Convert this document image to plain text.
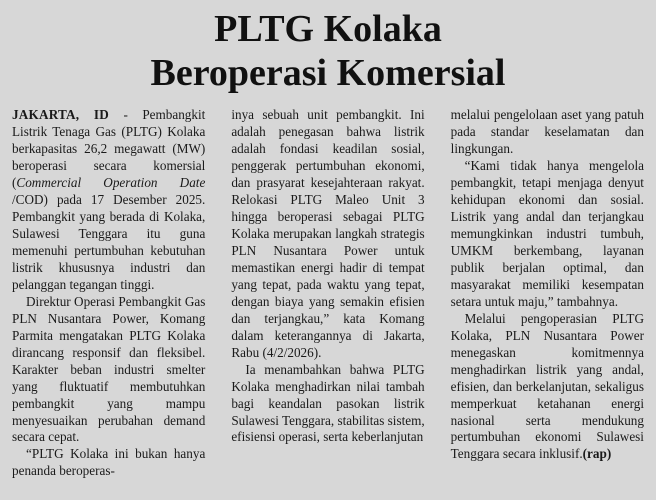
PLTG Kolaka
Beroperasi Komersial

JAKARTA, ID - Pembangkit Listrik Tenaga Gas (PLTG) Kolaka berkapasitas 26,2 megawatt (MW) beroperasi secara komersial (Commercial Operation Date /COD) pada 17 Desember 2025. Pembangkit yang berada di Kolaka, Sulawesi Tenggara itu guna memenuhi pertumbuhan kebutuhan listrik khususnya industri dan pelanggan tegangan tinggi.

Direktur Operasi Pembangkit Gas PLN Nusantara Power, Komang Parmita mengatakan PLTG Kolaka dirancang responsif dan fleksibel. Karakter beban industri smelter yang fluktuatif membutuhkan pembangkit yang mampu menyesuaikan perubahan demand secara cepat.

“PLTG Kolaka ini bukan hanya penanda beroperas-

inya sebuah unit pembangkit. Ini adalah penegasan bahwa listrik adalah fondasi keadilan sosial, penggerak pertumbuhan ekonomi, dan prasyarat kesejahteraan rakyat. Relokasi PLTG Maleo Unit 3 hingga beroperasi sebagai PLTG Kolaka merupakan langkah strategis PLN Nusantara Power untuk memastikan energi hadir di tempat yang tepat, pada waktu yang tepat, dengan biaya yang semakin efisien dan terjangkau,” kata Komang dalam keterangannya di Jakarta, Rabu (4/2/2026).

Ia menambahkan bahwa PLTG Kolaka menghadirkan nilai tambah bagi keandalan pasokan listrik Sulawesi Tenggara, stabilitas sistem, efisiensi operasi, serta keberlanjutan

melalui pengelolaan aset yang patuh pada standar keselamatan dan lingkungan.

“Kami tidak hanya mengelola pembangkit, tetapi menjaga denyut kehidupan ekonomi dan sosial. Listrik yang andal dan terjangkau memungkinkan industri tumbuh, UMKM berkembang, layanan publik berjalan optimal, dan masyarakat memiliki kesempatan setara untuk maju,” tambahnya.

Melalui pengoperasian PLTG Kolaka, PLN Nusantara Power menegaskan komitmennya menghadirkan listrik yang andal, efisien, dan berkelanjutan, sekaligus memperkuat ketahanan energi nasional serta mendukung pertumbuhan ekonomi Sulawesi Tenggara secara inklusif.(rap)
